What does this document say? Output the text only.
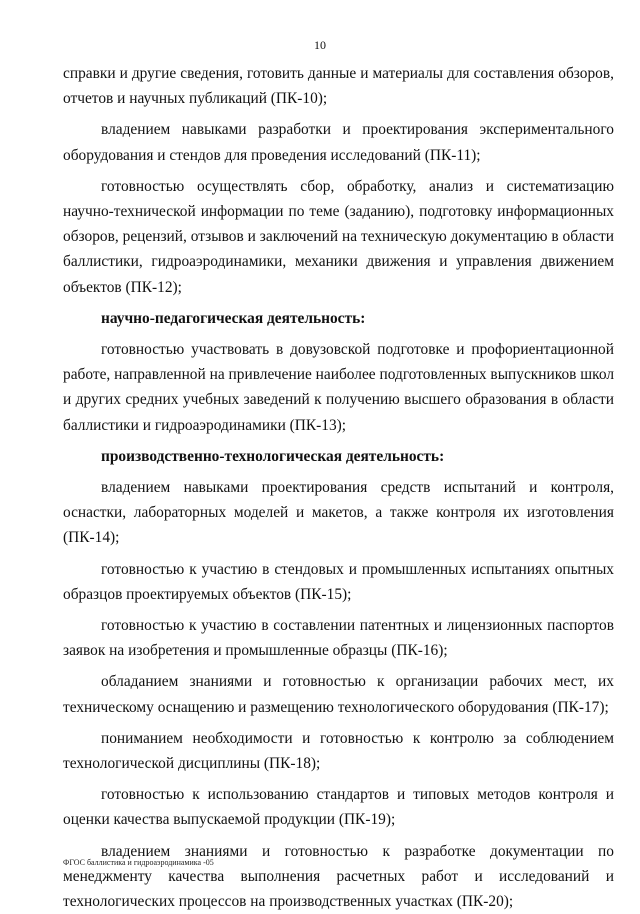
10

справки и другие сведения, готовить данные и материалы для составления обзоров, отчетов и научных публикаций (ПК-10);

владением навыками разработки и проектирования экспериментального оборудования и стендов для проведения исследований (ПК-11);

готовностью осуществлять сбор, обработку, анализ и систематизацию научно-технической информации по теме (заданию), подготовку информационных обзоров, рецензий, отзывов и заключений на техническую документацию в области баллистики, гидроаэродинамики, механики движения и управления движением объектов (ПК-12);

научно-педагогическая деятельность:

готовностью участвовать в довузовской подготовке и профориентационной работе, направленной на привлечение наиболее подготовленных выпускников школ и других средних учебных заведений к получению высшего образования в области баллистики и гидроаэродинамики (ПК-13);

производственно-технологическая деятельность:

владением навыками проектирования средств испытаний и контроля, оснастки, лабораторных моделей и макетов, а также контроля их изготовления (ПК-14);

готовностью к участию в стендовых и промышленных испытаниях опытных образцов проектируемых объектов (ПК-15);

готовностью к участию в составлении патентных и лицензионных паспортов заявок на изобретения и промышленные образцы (ПК-16);

обладанием знаниями и готовностью к организации рабочих мест, их техническому оснащению и размещению технологического оборудования (ПК-17);

пониманием необходимости и готовностью к контролю за соблюдением технологической дисциплины (ПК-18);

готовностью к использованию стандартов и типовых методов контроля и оценки качества выпускаемой продукции (ПК-19);

владением знаниями и готовностью к разработке документации по менеджменту качества выполнения расчетных работ и исследований и технологических процессов на производственных участках (ПК-20);

ФГОС баллистика и гидроаэродинамика -05
